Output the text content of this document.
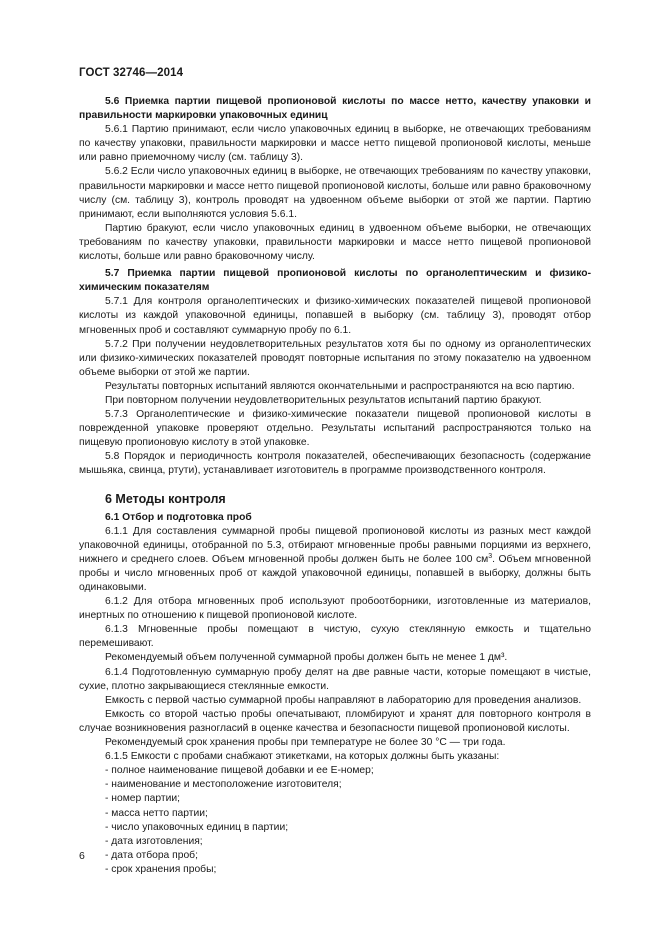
ГОСТ 32746—2014

5.6 Приемка партии пищевой пропионовой кислоты по массе нетто, качеству упаковки и правильности маркировки упаковочных единиц

5.6.1 Партию принимают, если число упаковочных единиц в выборке, не отвечающих требованиям по качеству упаковки, правильности маркировки и массе нетто пищевой пропионовой кислоты, меньше или равно приемочному числу (см. таблицу 3).

5.6.2 Если число упаковочных единиц в выборке, не отвечающих требованиям по качеству упаковки, правильности маркировки и массе нетто пищевой пропионовой кислоты, больше или равно браковочному числу (см. таблицу 3), контроль проводят на удвоенном объеме выборки от этой же партии. Партию принимают, если выполняются условия 5.6.1.

Партию бракуют, если число упаковочных единиц в удвоенном объеме выборки, не отвечающих требованиям по качеству упаковки, правильности маркировки и массе нетто пищевой пропионовой кислоты, больше или равно браковочному числу.

5.7 Приемка партии пищевой пропионовой кислоты по органолептическим и физико-химическим показателям

5.7.1 Для контроля органолептических и физико-химических показателей пищевой пропионовой кислоты из каждой упаковочной единицы, попавшей в выборку (см. таблицу 3), проводят отбор мгновенных проб и составляют суммарную пробу по 6.1.

5.7.2 При получении неудовлетворительных результатов хотя бы по одному из органолептических или физико-химических показателей проводят повторные испытания по этому показателю на удвоенном объеме выборки от этой же партии.

Результаты повторных испытаний являются окончательными и распространяются на всю партию.

При повторном получении неудовлетворительных результатов испытаний партию бракуют.

5.7.3 Органолептические и физико-химические показатели пищевой пропионовой кислоты в поврежденной упаковке проверяют отдельно. Результаты испытаний распространяются только на пищевую пропионовую кислоту в этой упаковке.

5.8 Порядок и периодичность контроля показателей, обеспечивающих безопасность (содержание мышьяка, свинца, ртути), устанавливает изготовитель в программе производственного контроля.

6 Методы контроля

6.1 Отбор и подготовка проб

6.1.1 Для составления суммарной пробы пищевой пропионовой кислоты из разных мест каждой упаковочной единицы, отобранной по 5.3, отбирают мгновенные пробы равными порциями из верхнего, нижнего и среднего слоев. Объем мгновенной пробы должен быть не более 100 $см^3$. Объем мгновенной пробы и число мгновенных проб от каждой упаковочной единицы, попавшей в выборку, должны быть одинаковыми.

6.1.2 Для отбора мгновенных проб используют пробоотборники, изготовленные из материалов, инертных по отношению к пищевой пропионовой кислоте.

6.1.3 Мгновенные пробы помещают в чистую, сухую стеклянную емкость и тщательно перемешивают.

Рекомендуемый объем полученной суммарной пробы должен быть не менее 1 дм³.

6.1.4 Подготовленную суммарную пробу делят на две равные части, которые помещают в чистые, сухие, плотно закрывающиеся стеклянные емкости.

Емкость с первой частью суммарной пробы направляют в лабораторию для проведения анализов.

Емкость со второй частью пробы опечатывают, пломбируют и хранят для повторного контроля в случае возникновения разногласий в оценке качества и безопасности пищевой пропионовой кислоты.

Рекомендуемый срок хранения пробы при температуре не более 30 °С — три года.

6.1.5 Емкости с пробами снабжают этикетками, на которых должны быть указаны:

- полное наименование пищевой добавки и ее Е-номер;

- наименование и местоположение изготовителя;

- номер партии;

- масса нетто партии;

- число упаковочных единиц в партии;

- дата изготовления;

- дата отбора проб;

- срок хранения пробы;

6
